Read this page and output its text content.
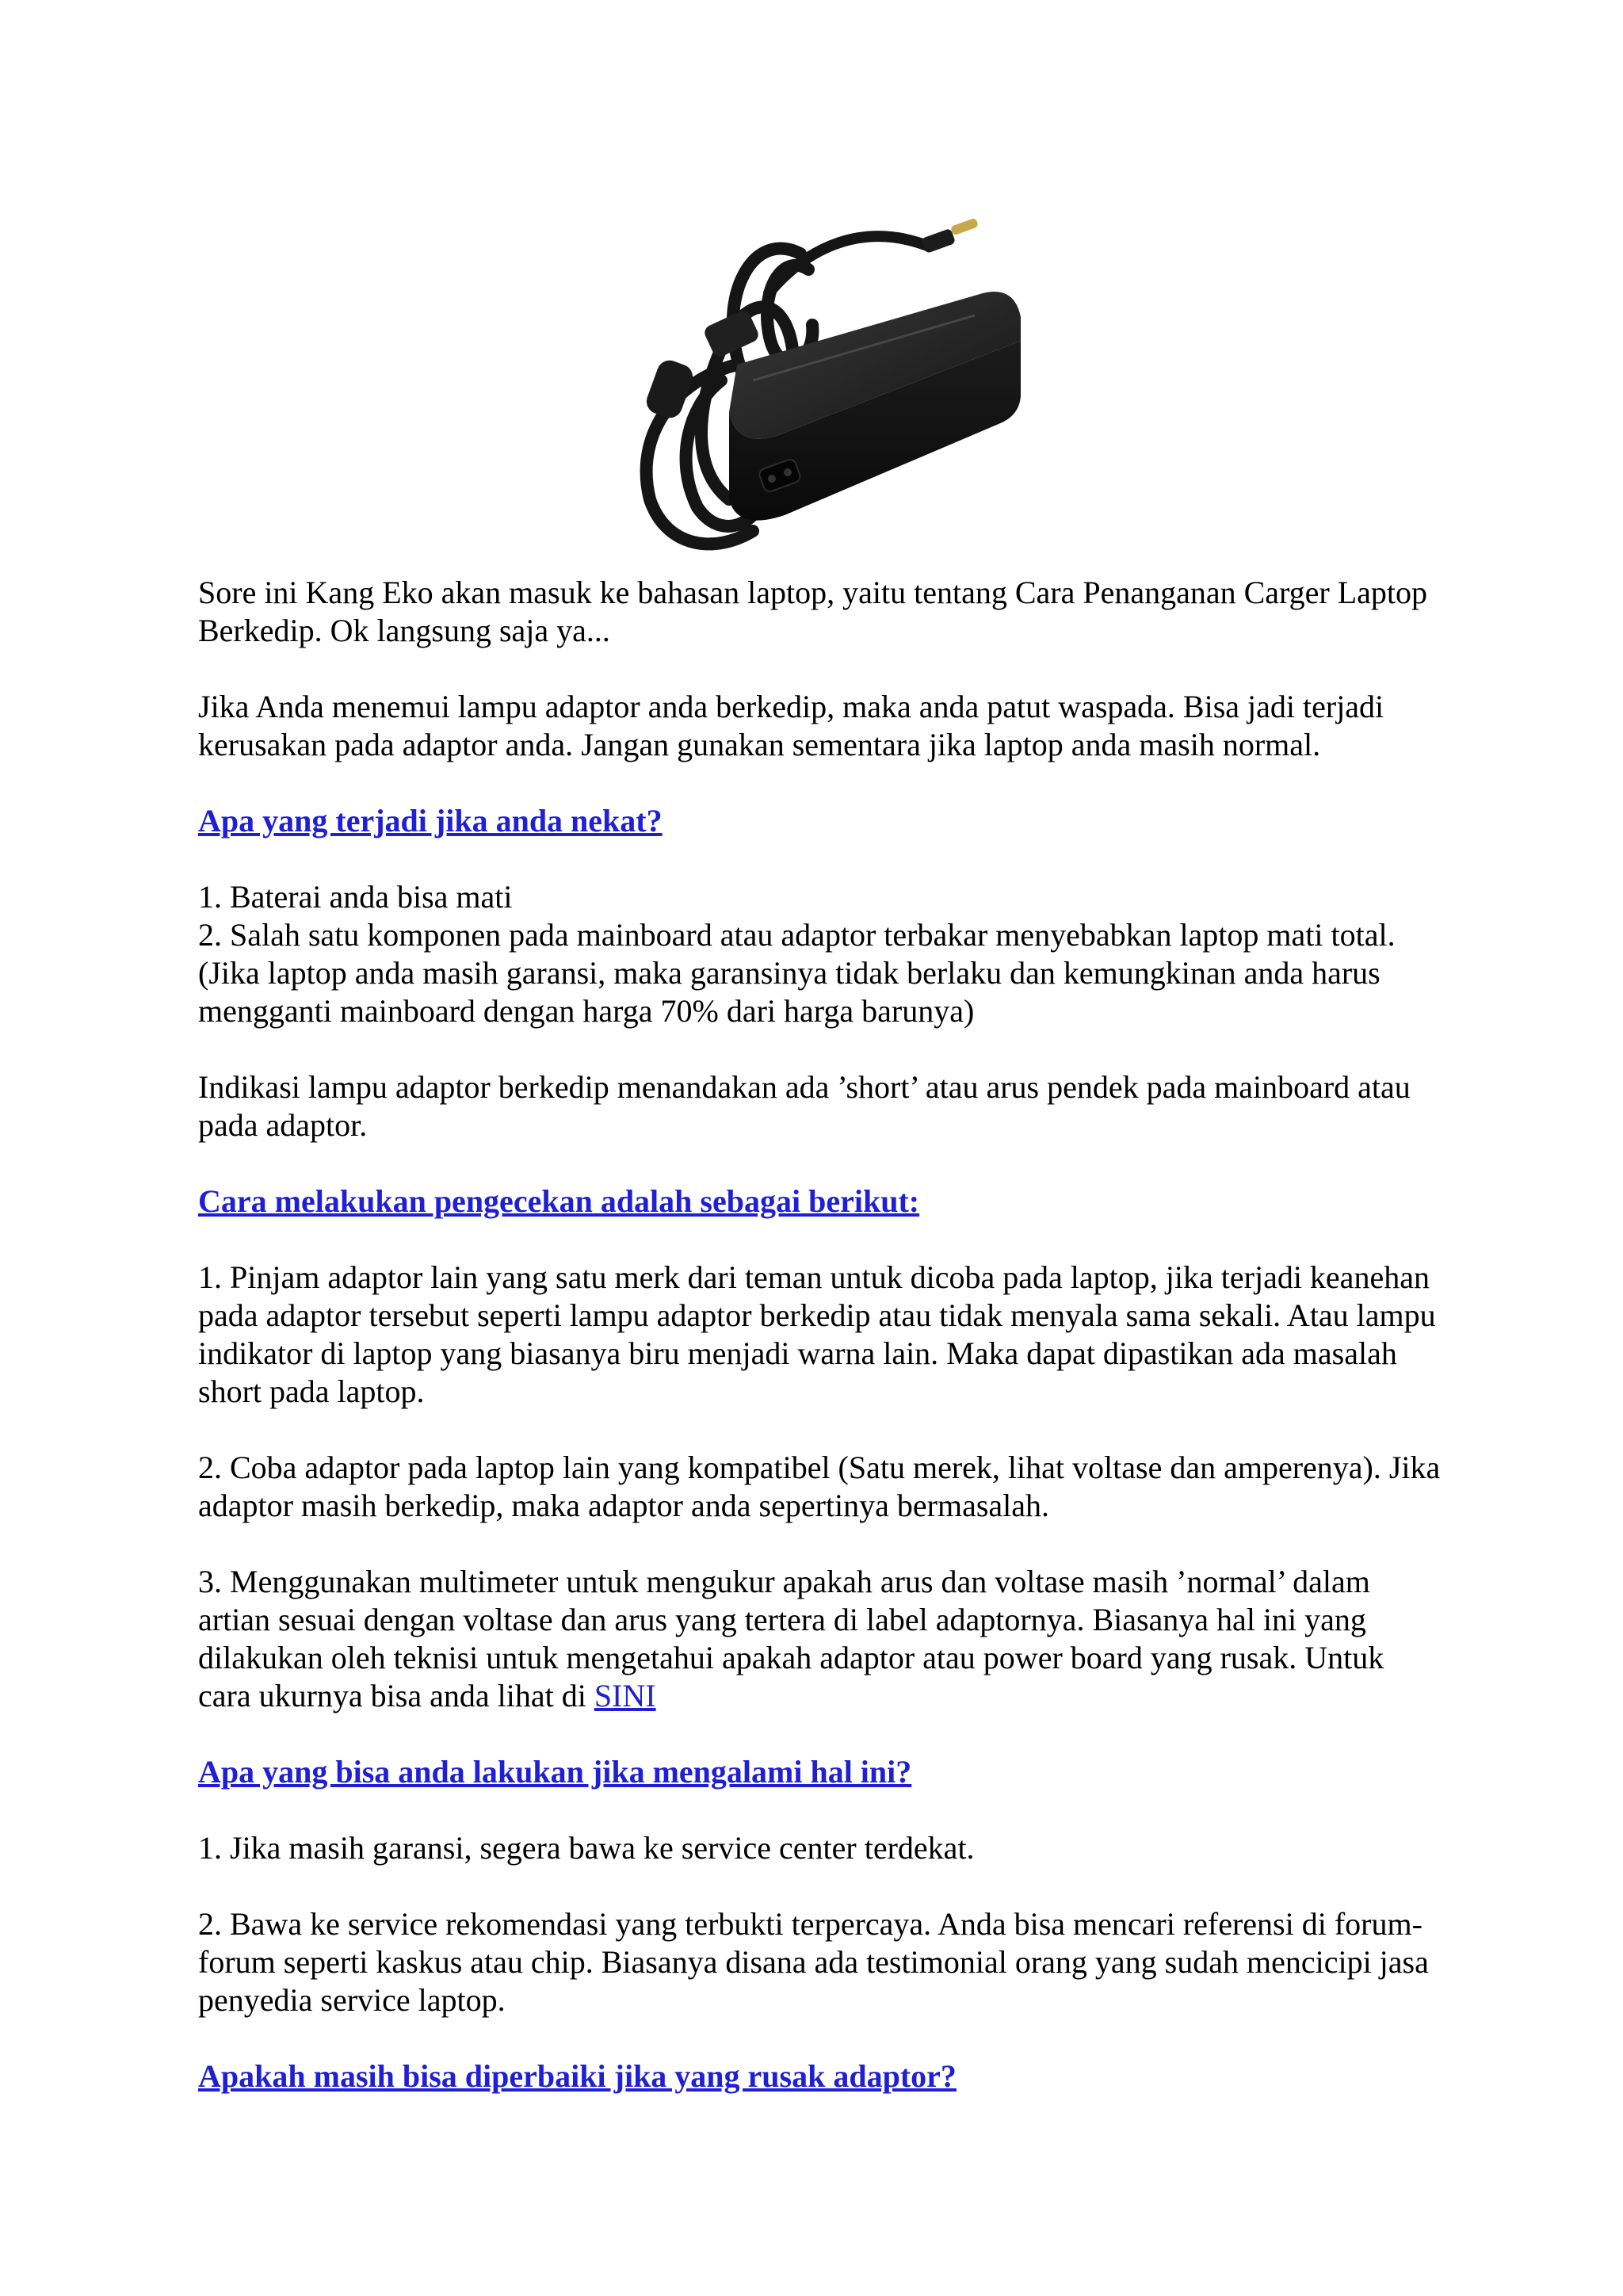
Sore ini Kang Eko akan masuk ke bahasan laptop, yaitu tentang Cara Penanganan Carger Laptop Berkedip. Ok langsung saja ya...

Jika Anda menemui lampu adaptor anda berkedip, maka anda patut waspada. Bisa jadi terjadi kerusakan pada adaptor anda. Jangan gunakan sementara jika laptop anda masih normal.

Apa yang terjadi jika anda nekat?

1. Baterai anda bisa mati
2. Salah satu komponen pada mainboard atau adaptor terbakar menyebabkan laptop mati total. (Jika laptop anda masih garansi, maka garansinya tidak berlaku dan kemungkinan anda harus mengganti mainboard dengan harga 70% dari harga barunya)

Indikasi lampu adaptor berkedip menandakan ada ’short’ atau arus pendek pada mainboard atau pada adaptor.

Cara melakukan pengecekan adalah sebagai berikut:

1. Pinjam adaptor lain yang satu merk dari teman untuk dicoba pada laptop, jika terjadi keanehan pada adaptor tersebut seperti lampu adaptor berkedip atau tidak menyala sama sekali. Atau lampu indikator di laptop yang biasanya biru menjadi warna lain. Maka dapat dipastikan ada masalah short pada laptop.

2. Coba adaptor pada laptop lain yang kompatibel (Satu merek, lihat voltase dan amperenya). Jika adaptor masih berkedip, maka adaptor anda sepertinya bermasalah.

3. Menggunakan multimeter untuk mengukur apakah arus dan voltase masih ’normal’ dalam artian sesuai dengan voltase dan arus yang tertera di label adaptornya. Biasanya hal ini yang dilakukan oleh teknisi untuk mengetahui apakah adaptor atau power board yang rusak. Untuk cara ukurnya bisa anda lihat di SINI

Apa yang bisa anda lakukan jika mengalami hal ini?

1. Jika masih garansi, segera bawa ke service center terdekat.

2. Bawa ke service rekomendasi yang terbukti terpercaya. Anda bisa mencari referensi di forum-forum seperti kaskus atau chip. Biasanya disana ada testimonial orang yang sudah mencicipi jasa penyedia service laptop.

Apakah masih bisa diperbaiki jika yang rusak adaptor?
